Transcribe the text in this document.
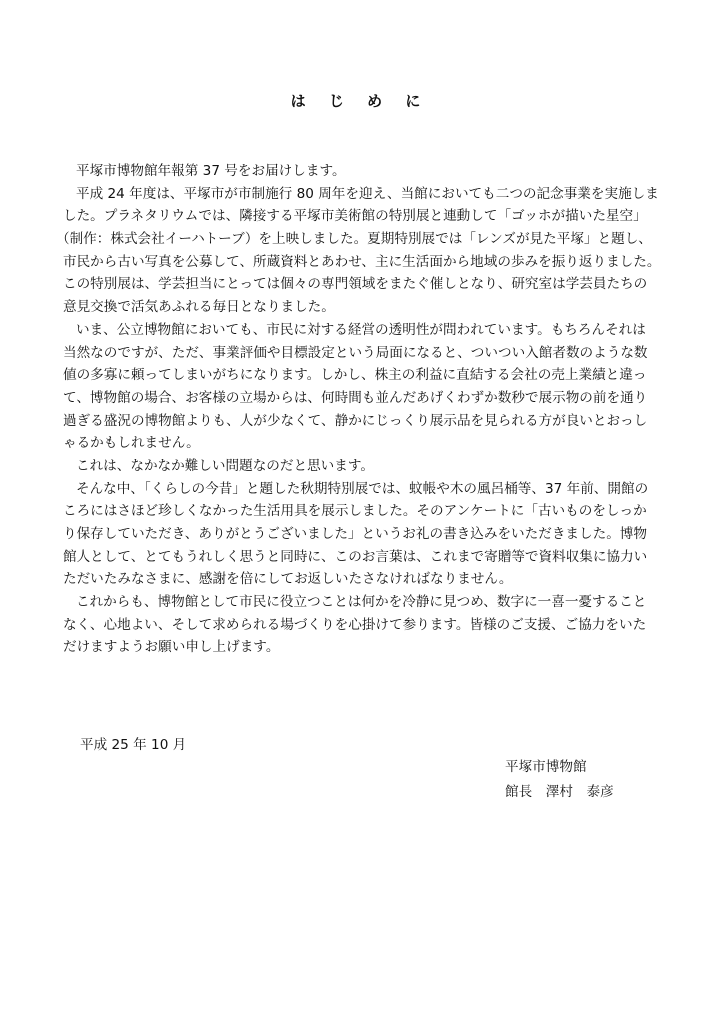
は じ め に
平塚市博物館年報第 37 号をお届けします。
平成 24 年度は、平塚市が市制施行 80 周年を迎え、当館においても二つの記念事業を実施しま
した。プラネタリウムでは、隣接する平塚市美術館の特別展と連動して「ゴッホが描いた星空」
（制作：株式会社イーハトーブ）を上映しました。夏期特別展では「レンズが見た平塚」と題し、
市民から古い写真を公募して、所蔵資料とあわせ、主に生活面から地域の歩みを振り返りました。
この特別展は、学芸担当にとっては個々の専門領域をまたぐ催しとなり、研究室は学芸員たちの
意見交換で活気あふれる毎日となりました。
いま、公立博物館においても、市民に対する経営の透明性が問われています。もちろんそれは
当然なのですが、ただ、事業評価や目標設定という局面になると、ついつい入館者数のような数
値の多寡に頼ってしまいがちになります。しかし、株主の利益に直結する会社の売上業績と違っ
て、博物館の場合、お客様の立場からは、何時間も並んだあげくわずか数秒で展示物の前を通り
過ぎる盛況の博物館よりも、人が少なくて、静かにじっくり展示品を見られる方が良いとおっし
ゃるかもしれません。
これは、なかなか難しい問題なのだと思います。
そんな中、「くらしの今昔」と題した秋期特別展では、蚊帳や木の風呂桶等、37 年前、開館の
ころにはさほど珍しくなかった生活用具を展示しました。そのアンケートに「古いものをしっか
り保存していただき、ありがとうございました」というお礼の書き込みをいただきました。博物
館人として、とてもうれしく思うと同時に、このお言葉は、これまで寄贈等で資料収集に協力い
ただいたみなさまに、感謝を倍にしてお返しいたさなければなりません。
これからも、博物館として市民に役立つことは何かを冷静に見つめ、数字に一喜一憂すること
なく、心地よい、そして求められる場づくりを心掛けて参ります。皆様のご支援、ご協力をいた
だけますようお願い申し上げます。
平成 25 年 10 月
平塚市博物館
館長　澤村　泰彦
